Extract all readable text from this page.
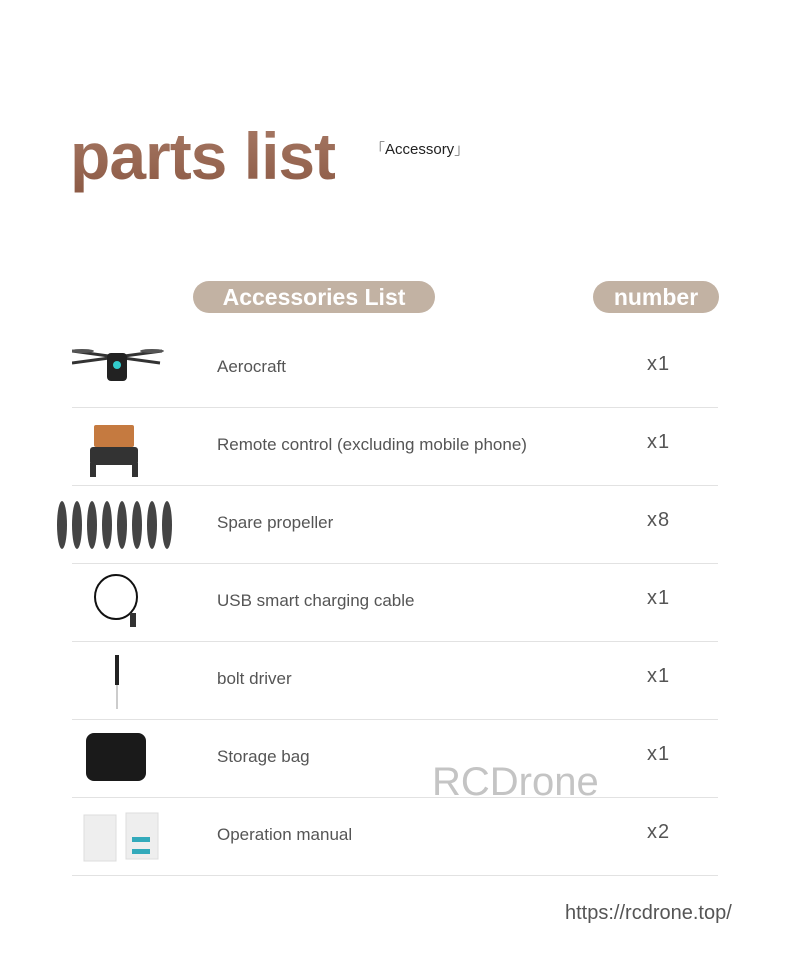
parts list 「Accessory」
Accessories List	number
Aerocraft	x1
Remote control (excluding mobile phone)	x1
Spare propeller	x8
USB smart charging cable	x1
bolt driver	x1
Storage bag	x1
Operation manual	x2
RCDrone
https://rcdrone.top/
